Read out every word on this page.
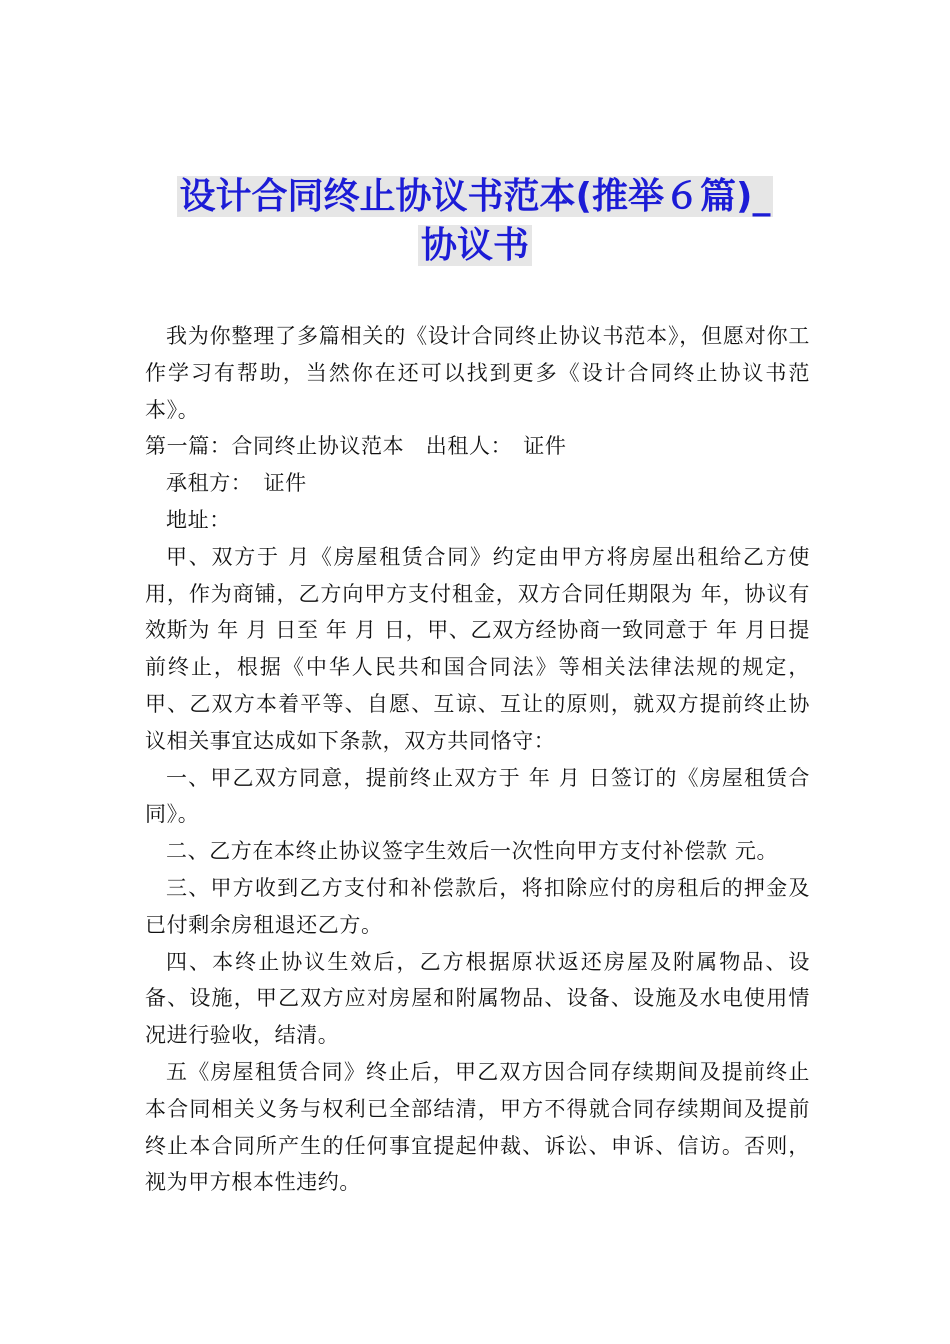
设计合同终止协议书范本(推举６篇)_
协议书

我为你整理了多篇相关的《设计合同终止协议书范本》，但愿对你工作学习有帮助，当然你在还可以找到更多《设计合同终止协议书范本》。

第一篇：合同终止协议范本　出租人：　证件

承租方：　证件

地址：

甲、双方于 月《房屋租赁合同》约定由甲方将房屋出租给乙方使用，作为商铺，乙方向甲方支付租金，双方合同任期限为 年，协议有效斯为 年 月 日至 年 月 日，甲、乙双方经协商一致同意于 年 月日提前终止，根据《中华人民共和国合同法》等相关法律法规的规定，甲、乙双方本着平等、自愿、互谅、互让的原则，就双方提前终止协议相关事宜达成如下条款，双方共同恪守：

一、甲乙双方同意，提前终止双方于 年 月 日签订的《房屋租赁合同》。

二、乙方在本终止协议签字生效后一次性向甲方支付补偿款 元。

三、甲方收到乙方支付和补偿款后，将扣除应付的房租后的押金及已付剩余房租退还乙方。

四、本终止协议生效后，乙方根据原状返还房屋及附属物品、设备、设施，甲乙双方应对房屋和附属物品、设备、设施及水电使用情况进行验收，结清。

五《房屋租赁合同》终止后，甲乙双方因合同存续期间及提前终止本合同相关义务与权利已全部结清，甲方不得就合同存续期间及提前终止本合同所产生的任何事宜提起仲裁、诉讼、申诉、信访。否则，视为甲方根本性违约。
